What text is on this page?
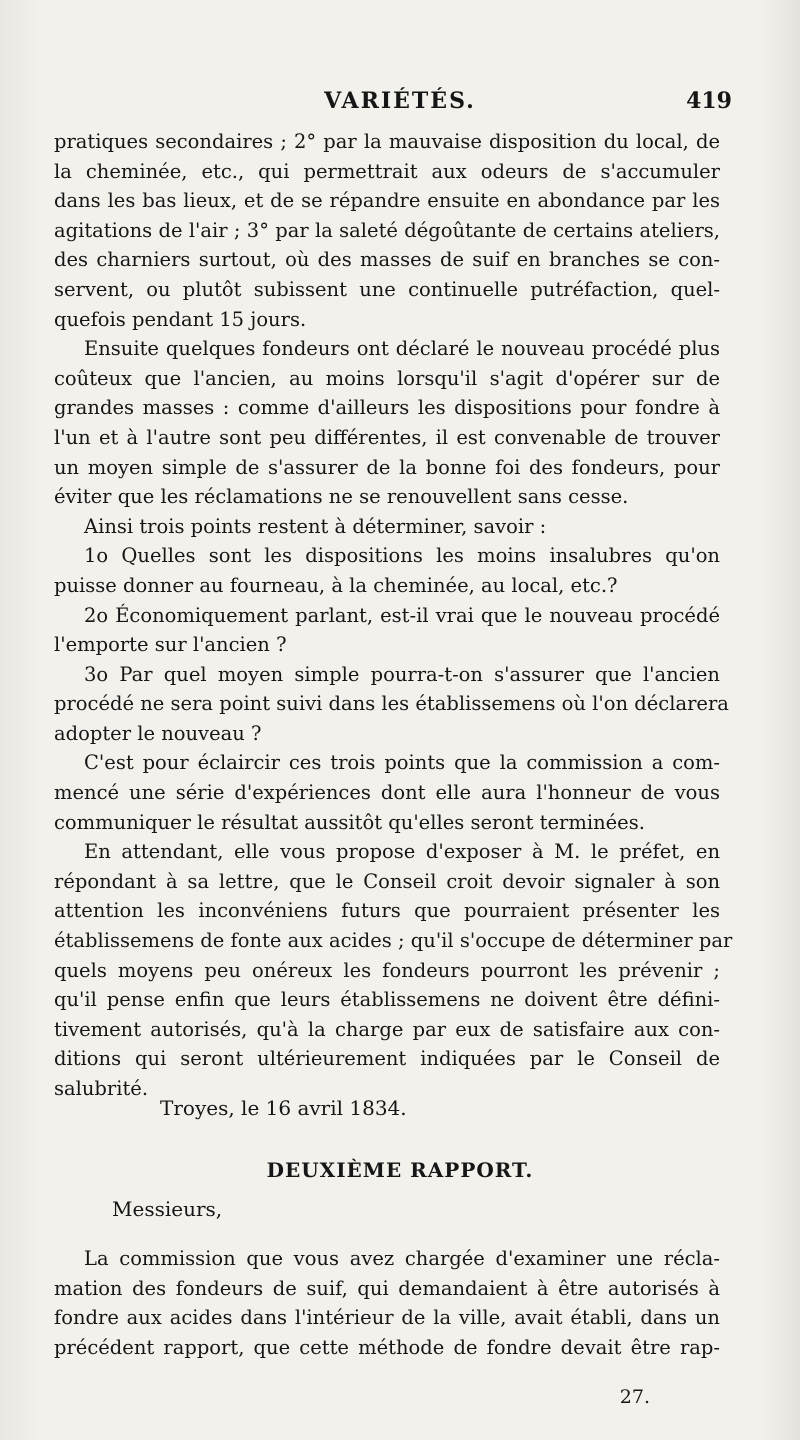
VARIÉTÉS.	419
pratiques secondaires ; 2° par la mauvaise disposition du local, de
la cheminée, etc., qui permettrait aux odeurs de s'accumuler
dans les bas lieux, et de se répandre ensuite en abondance par les
agitations de l'air ; 3° par la saleté dégoûtante de certains ateliers,
des charniers surtout, où des masses de suif en branches se con-
servent, ou plutôt subissent une continuelle putréfaction, quel-
quefois pendant 15 jours.
Ensuite quelques fondeurs ont déclaré le nouveau procédé plus
coûteux que l'ancien, au moins lorsqu'il s'agit d'opérer sur de
grandes masses : comme d'ailleurs les dispositions pour fondre à
l'un et à l'autre sont peu différentes, il est convenable de trouver
un moyen simple de s'assurer de la bonne foi des fondeurs, pour
éviter que les réclamations ne se renouvellent sans cesse.
Ainsi trois points restent à déterminer, savoir :
1o Quelles sont les dispositions les moins insalubres qu'on
puisse donner au fourneau, à la cheminée, au local, etc.?
2o Économiquement parlant, est-il vrai que le nouveau procédé
l'emporte sur l'ancien ?
3o Par quel moyen simple pourra-t-on s'assurer que l'ancien
procédé ne sera point suivi dans les établissemens où l'on déclarera
adopter le nouveau ?
C'est pour éclaircir ces trois points que la commission a com-
mencé une série d'expériences dont elle aura l'honneur de vous
communiquer le résultat aussitôt qu'elles seront terminées.
En attendant, elle vous propose d'exposer à M. le préfet, en
répondant à sa lettre, que le Conseil croit devoir signaler à son
attention les inconvéniens futurs que pourraient présenter les
établissemens de fonte aux acides ; qu'il s'occupe de déterminer par
quels moyens peu onéreux les fondeurs pourront les prévenir ;
qu'il pense enfin que leurs établissemens ne doivent être défini-
tivement autorisés, qu'à la charge par eux de satisfaire aux con-
ditions qui seront ultérieurement indiquées par le Conseil de
salubrité.
Troyes, le 16 avril 1834.
DEUXIÈME RAPPORT.
Messieurs,
La commission que vous avez chargée d'examiner une récla-
mation des fondeurs de suif, qui demandaient à être autorisés à
fondre aux acides dans l'intérieur de la ville, avait établi, dans un
précédent rapport, que cette méthode de fondre devait être rap-
27.
